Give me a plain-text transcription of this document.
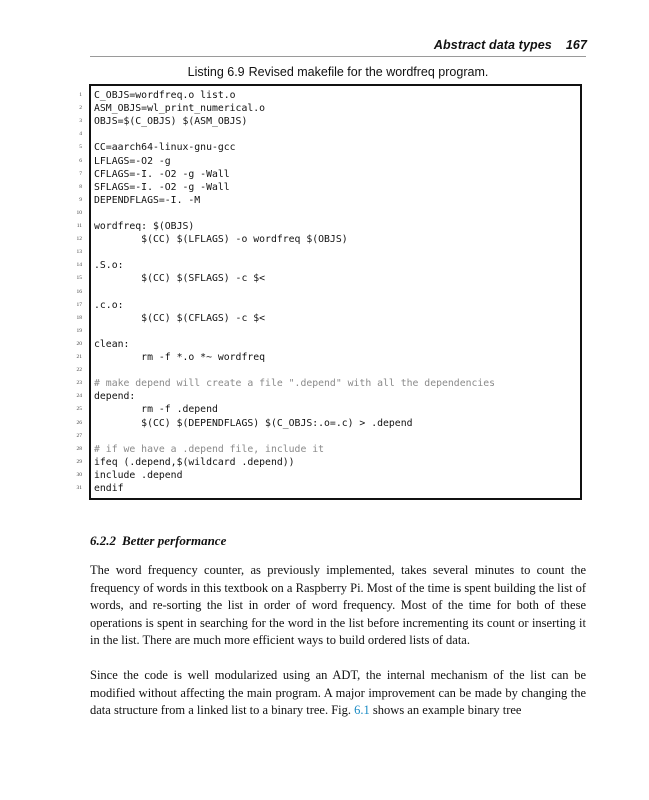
Abstract data types 167
Listing 6.9 Revised makefile for the wordfreq program.
1 C_OBJS=wordfreq.o list.o
2 ASM_OBJS=wl_print_numerical.o
3 OBJS=$(C_OBJS) $(ASM_OBJS)
4
5 CC=aarch64-linux-gnu-gcc
6 LFLAGS=-O2 -g
7 CFLAGS=-I. -O2 -g -Wall
8 SFLAGS=-I. -O2 -g -Wall
9 DEPENDFLAGS=-I. -M
10
11 wordfreq: $(OBJS)
12 $(CC) $(LFLAGS) -o wordfreq $(OBJS)
13
14 .S.o:
15 $(CC) $(SFLAGS) -c $<
16
17 .c.o:
18 $(CC) $(CFLAGS) -c $<
19
20 clean:
21 rm -f *.o *~ wordfreq
22
23 # make depend will create a file ".depend" with all the dependencies
24 depend:
25 rm -f .depend
26 $(CC) $(DEPENDFLAGS) $(C_OBJS:.o=.c) > .depend
27
28 # if we have a .depend file, include it
29 ifeq (.depend,$(wildcard .depend))
30 include .depend
31 endif
6.2.2 Better performance

The word frequency counter, as previously implemented, takes several minutes to count the frequency of words in this textbook on a Raspberry Pi. Most of the time is spent building the list of words, and re-sorting the list in order of word frequency. Most of the time for both of these operations is spent in searching for the word in the list before incrementing its count or inserting it in the list. There are much more efficient ways to build ordered lists of data.

Since the code is well modularized using an ADT, the internal mechanism of the list can be modified without affecting the main program. A major improvement can be made by changing the data structure from a linked list to a binary tree. Fig. 6.1 shows an example binary tree
